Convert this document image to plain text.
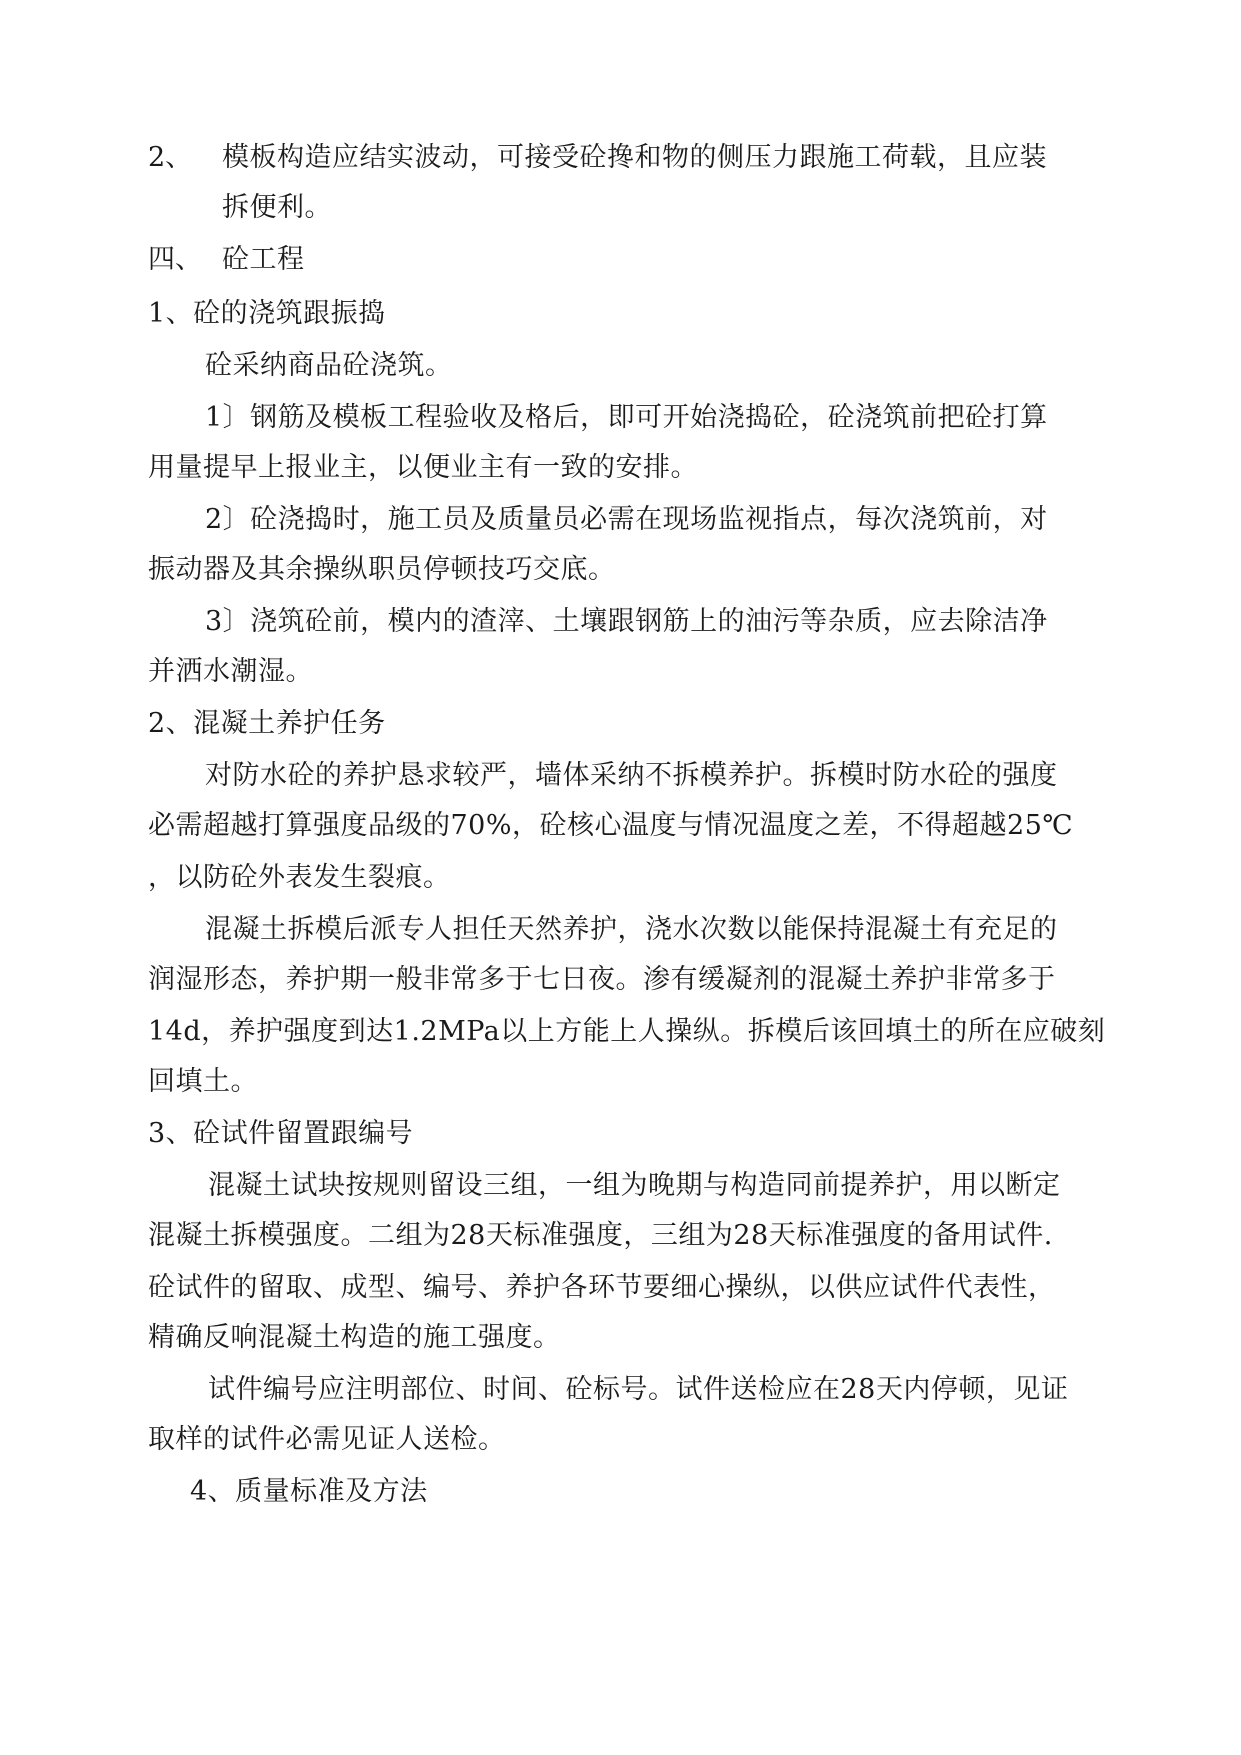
2、 模板构造应结实波动，可接受砼搀和物的侧压力跟施工荷载，且应装
拆便利。
四、 砼工程
1、砼的浇筑跟振捣
砼采纳商品砼浇筑。
1〕钢筋及模板工程验收及格后，即可开始浇捣砼，砼浇筑前把砼打算
用量提早上报业主，以便业主有一致的安排。
2〕砼浇捣时，施工员及质量员必需在现场监视指点，每次浇筑前，对
振动器及其余操纵职员停顿技巧交底。
3〕浇筑砼前，模内的渣滓、土壤跟钢筋上的油污等杂质，应去除洁净
并洒水潮湿。
2、混凝土养护任务
对防水砼的养护恳求较严，墙体采纳不拆模养护。拆模时防水砼的强度
必需超越打算强度品级的70%，砼核心温度与情况温度之差，不得超越25℃
，以防砼外表发生裂痕。
混凝土拆模后派专人担任天然养护，浇水次数以能保持混凝土有充足的
润湿形态，养护期一般非常多于七日夜。渗有缓凝剂的混凝土养护非常多于
14d，养护强度到达1.2MPa以上方能上人操纵。拆模后该回填土的所在应破刻
回填土。
3、砼试件留置跟编号
混凝土试块按规则留设三组，一组为晚期与构造同前提养护，用以断定
混凝土拆模强度。二组为28天标准强度，三组为28天标准强度的备用试件.
砼试件的留取、成型、编号、养护各环节要细心操纵，以供应试件代表性，
精确反响混凝土构造的施工强度。
试件编号应注明部位、时间、砼标号。试件送检应在28天内停顿，见证
取样的试件必需见证人送检。
4、质量标准及方法
